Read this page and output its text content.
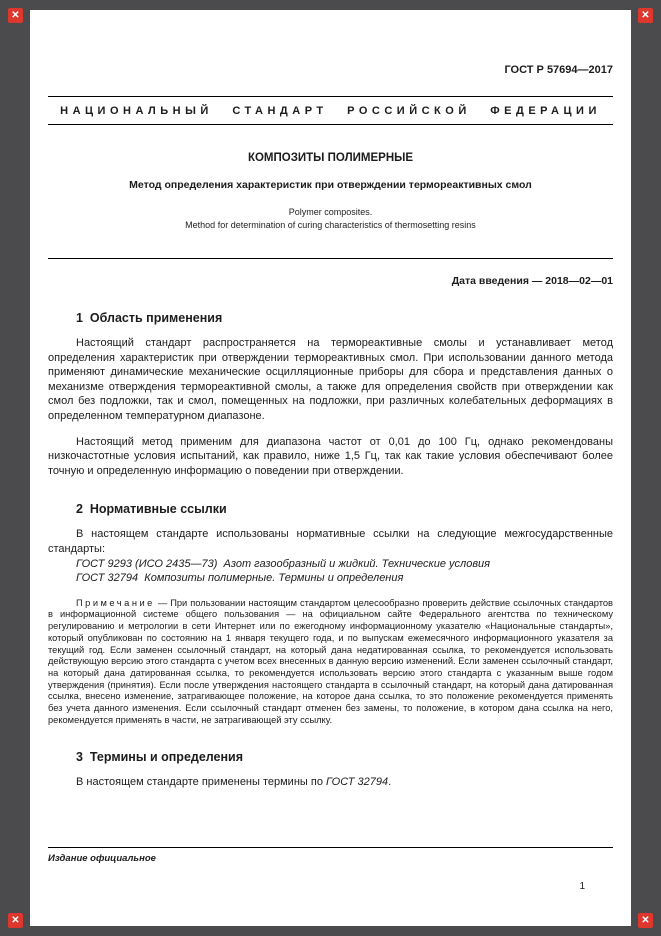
ГОСТ Р 57694—2017
НАЦИОНАЛЬНЫЙ СТАНДАРТ РОССИЙСКОЙ ФЕДЕРАЦИИ
КОМПОЗИТЫ ПОЛИМЕРНЫЕ
Метод определения характеристик при отверждении термореактивных смол
Polymer composites.
Method for determination of curing characteristics of thermosetting resins
Дата введения — 2018—02—01
1  Область применения

Настоящий стандарт распространяется на термореактивные смолы и устанавливает метод определения характеристик при отверждении термореактивных смол. При использовании данного метода применяют динамические механические осцилляционные приборы для сбора и представления данных о механизме отверждения термореактивной смолы, а также для определения свойств при отверждении как смол без подложки, так и смол, помещенных на подложки, при различных колебательных деформациях в определенном температурном диапазоне.

Настоящий метод применим для диапазона частот от 0,01 до 100 Гц, однако рекомендованы низкочастотные условия испытаний, как правило, ниже 1,5 Гц, так как такие условия обеспечивают более точную и определенную информацию о поведении при отверждении.

2  Нормативные ссылки

В настоящем стандарте использованы нормативные ссылки на следующие межгосударственные стандарты:

ГОСТ 9293 (ИСО 2435—73)  Азот газообразный и жидкий. Технические условия
ГОСТ 32794  Композиты полимерные. Термины и определения

Примечание — При пользовании настоящим стандартом целесообразно проверить действие ссылочных стандартов в информационной системе общего пользования — на официальном сайте Федерального агентства по техническому регулированию и метрологии в сети Интернет или по ежегодному информационному указателю «Национальные стандарты», который опубликован по состоянию на 1 января текущего года, и по выпускам ежемесячного информационного указателя за текущий год. Если заменен ссылочный стандарт, на который дана недатированная ссылка, то рекомендуется использовать действующую версию этого стандарта с учетом всех внесенных в данную версию изменений. Если заменен ссылочный стандарт, на который дана датированная ссылка, то рекомендуется использовать версию этого стандарта с указанным выше годом утверждения (принятия). Если после утверждения настоящего стандарта в ссылочный стандарт, на который дана датированная ссылка, внесено изменение, затрагивающее положение, на которое дана ссылка, то это положение рекомендуется применять без учета данного изменения. Если ссылочный стандарт отменен без замены, то положение, в котором дана ссылка на него, рекомендуется применять в части, не затрагивающей эту ссылку.

3  Термины и определения

В настоящем стандарте применены термины по ГОСТ 32794.

Издание официальное
1
✕	✕
✕	✕
